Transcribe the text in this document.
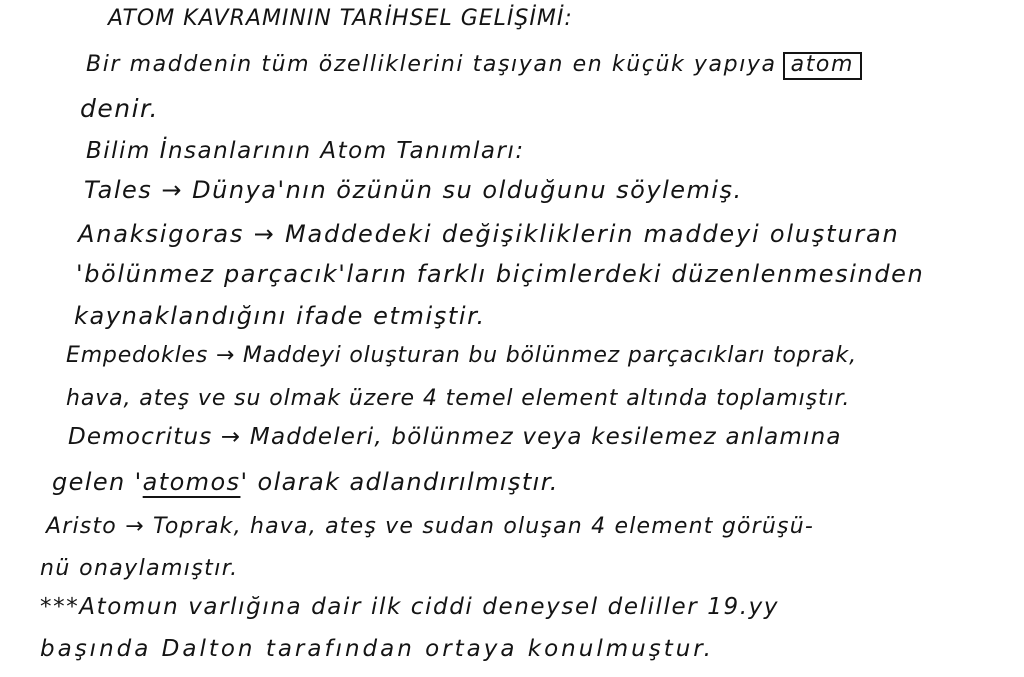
ATOM KAVRAMININ TARİHSEL GELİŞİMİ:
Bir maddenin tüm özelliklerini taşıyan en küçük yapıya atom
denir.
Bilim İnsanlarının Atom Tanımları:
Tales → Dünya'nın özünün su olduğunu söylemiş.
Anaksigoras → Maddedeki değişikliklerin maddeyi oluşturan
'bölünmez parçacık'ların farklı biçimlerdeki düzenlenmesinden
kaynaklandığını ifade etmiştir.
Empedokles → Maddeyi oluşturan bu bölünmez parçacıkları toprak,
hava, ateş ve su olmak üzere 4 temel element altında toplamıştır.
Democritus → Maddeleri, bölünmez veya kesilemez anlamına
gelen 'atomos' olarak adlandırılmıştır.
Aristo → Toprak, hava, ateş ve sudan oluşan 4 element görüşü-
nü onaylamıştır.
***Atomun varlığına dair ilk ciddi deneysel deliller 19.yy
başında Dalton tarafından ortaya konulmuştur.
